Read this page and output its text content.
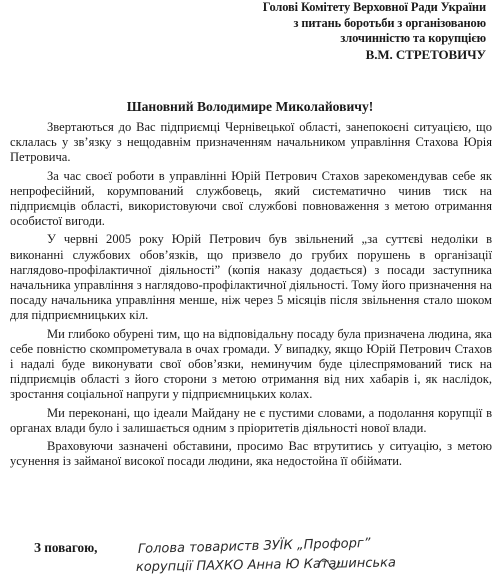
Голові Комітету Верховної Ради України
з питань боротьби з організованою
злочинністю та корупцією
В.М. СТРЕТОВИЧУ
Шановний Володимире Миколайовичу!

Звертаються до Вас підприємці Чернівецької області, занепокоєні ситуацією, що склалась у зв’язку з нещодавнім призначенням начальником управління Стахова Юрія Петровича.

За час своєї роботи в управлінні Юрій Петрович Стахов зарекомендував себе як непрофесійний, корумпований службовець, який систематично чинив тиск на підприємців області, використовуючи свої службові повноваження з метою отримання особистої вигоди.

У червні 2005 року Юрій Петрович був звільнений „за суттєві недоліки в виконанні службових обов’язків, що призвело до грубих порушень в організації наглядово-профілактичної діяльності” (копія наказу додається) з посади заступника начальника управління з наглядово-профілактичної діяльності. Тому його призначення на посаду начальника управління менше, ніж через 5 місяців після звільнення стало шоком для підприємницьких кіл.

Ми глибоко обурені тим, що на відповідальну посаду була призначена людина, яка себе повністю скомпрометувала в очах громади. У випадку, якщо Юрій Петрович Стахов і надалі буде виконувати свої обов’язки, неминучим буде цілеспрямований тиск на підприємців області з його сторони з метою отримання від них хабарів і, як наслідок, зростання соціальної напруги у підприємницьких колах.

Ми переконані, що ідеали Майдану не є пустими словами, а подолання корупції в органах влади було і залишається одним з пріоритетів діяльності нової влади.

Враховуючи зазначені обставини, просимо Вас втрутитись у ситуацію, з метою усунення із займаної високої посади людини, яка недостойна її обіймати.

З повагою,	Голова товариств ЗУЇК „Профорг”
корупції ПАХКО Анна Ю Каташинська
